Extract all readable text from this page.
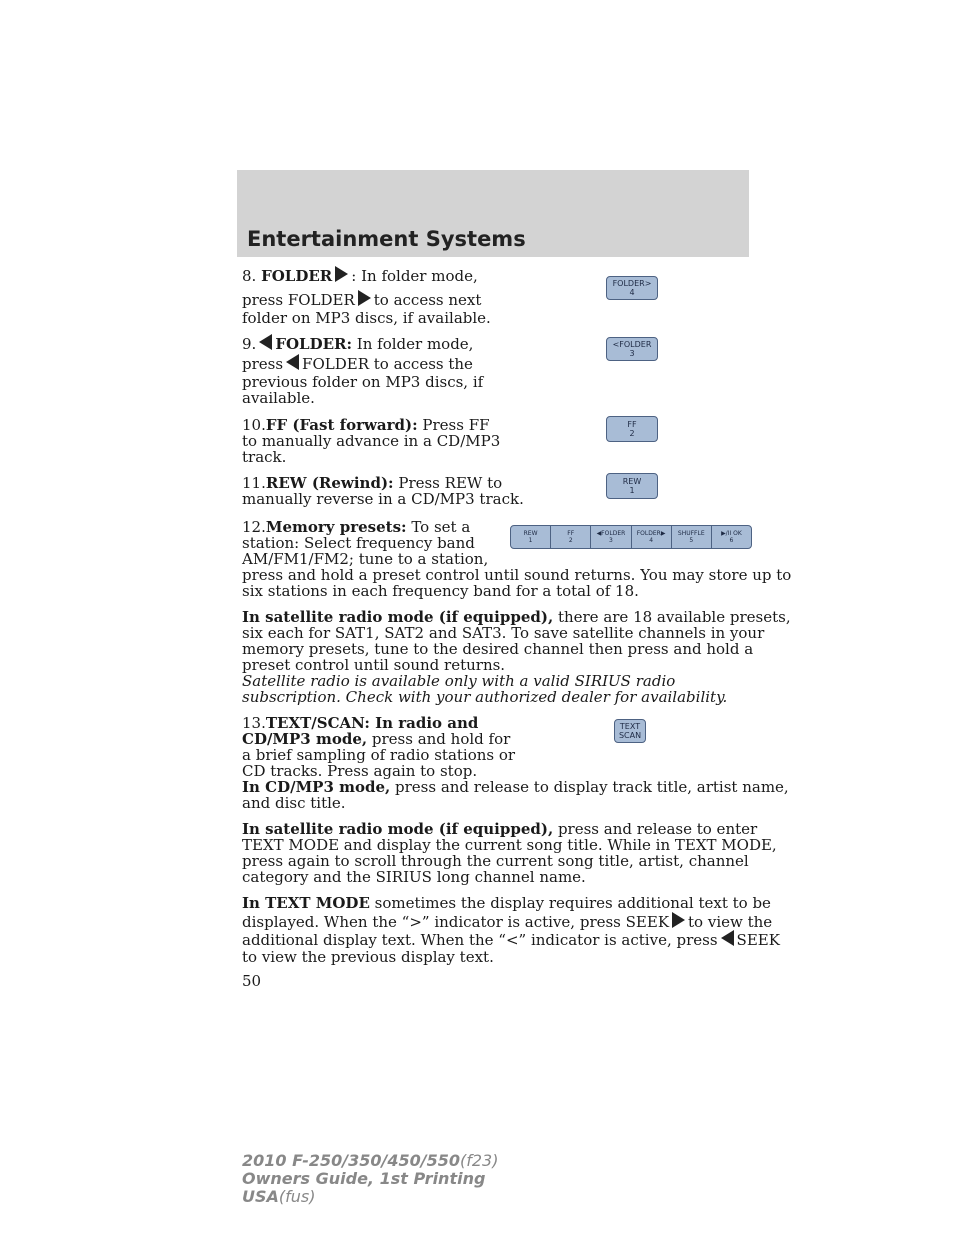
Entertainment Systems
8. FOLDER : In folder mode,
press FOLDER to access next
folder on MP3 discs, if available.
9. FOLDER: In folder mode,
press FOLDER to access the
previous folder on MP3 discs, if
available.
10.FF (Fast forward): Press FF
to manually advance in a CD/MP3
track.
11.REW (Rewind): Press REW to
manually reverse in a CD/MP3 track.
12.Memory presets: To set a
station: Select frequency band
AM/FM1/FM2; tune to a station,
press and hold a preset control until sound returns. You may store up to
six stations in each frequency band for a total of 18.
In satellite radio mode (if equipped), there are 18 available presets,
six each for SAT1, SAT2 and SAT3. To save satellite channels in your
memory presets, tune to the desired channel then press and hold a
preset control until sound returns.
Satellite radio is available only with a valid SIRIUS radio
subscription. Check with your authorized dealer for availability.
13.TEXT/SCAN: In radio and
CD/MP3 mode, press and hold for
a brief sampling of radio stations or
CD tracks. Press again to stop.
In CD/MP3 mode, press and release to display track title, artist name,
and disc title.
In satellite radio mode (if equipped), press and release to enter
TEXT MODE and display the current song title. While in TEXT MODE,
press again to scroll through the current song title, artist, channel
category and the SIRIUS long channel name.
In TEXT MODE sometimes the display requires additional text to be
displayed. When the “>” indicator is active, press SEEK to view the
additional display text. When the “<” indicator is active, press SEEK
to view the previous display text.
50
FOLDER>
4
<FOLDER
3
FF
2
REW
1
TEXT
SCAN
REW
1
FF
2
◀FOLDER
3
FOLDER▶
4
SHUFFLE
5
▶/II OK
6
2010 F-250/350/450/550(f23)
Owners Guide, 1st Printing
USA(fus)
